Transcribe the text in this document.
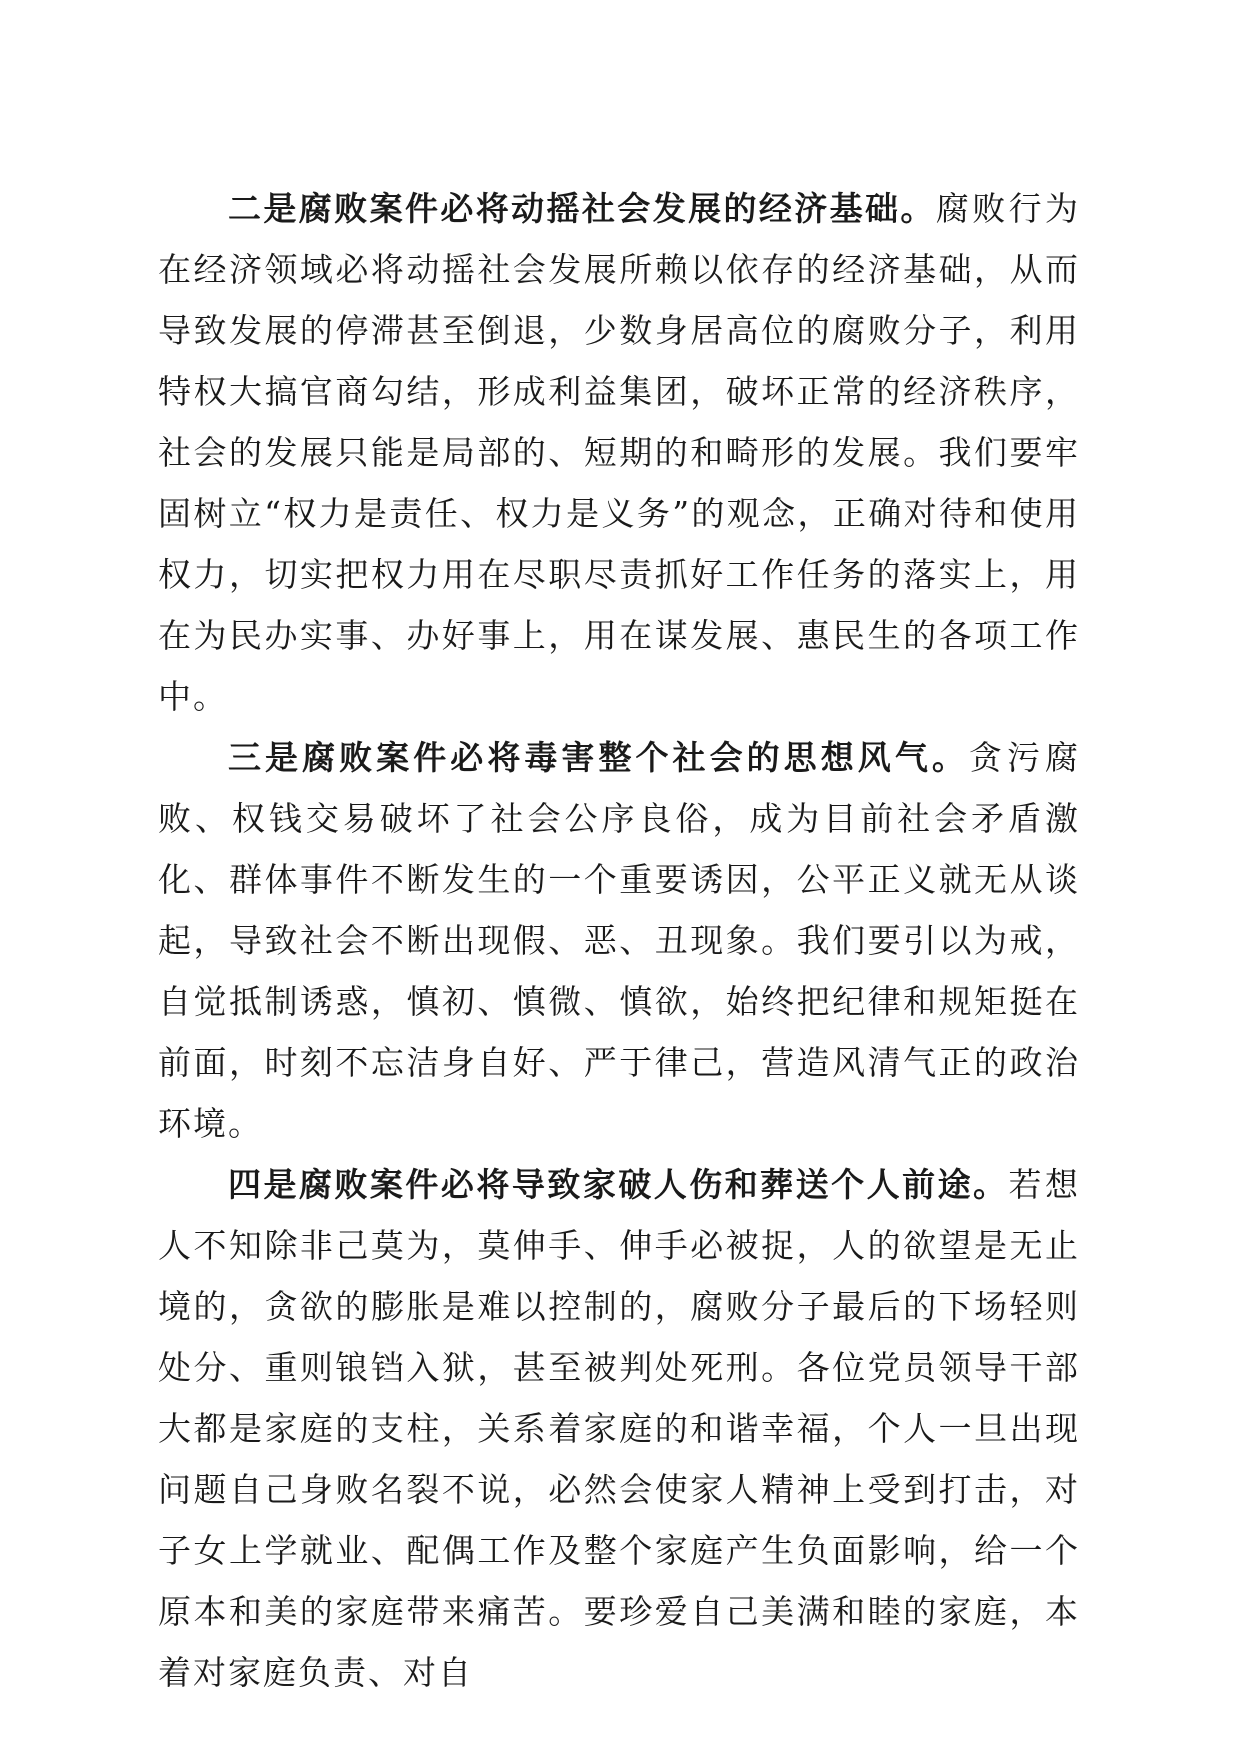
二是腐败案件必将动摇社会发展的经济基础。腐败行为在经济领域必将动摇社会发展所赖以依存的经济基础，从而导致发展的停滞甚至倒退，少数身居高位的腐败分子，利用特权大搞官商勾结，形成利益集团，破坏正常的经济秩序，社会的发展只能是局部的、短期的和畸形的发展。我们要牢固树立“权力是责任、权力是义务”的观念，正确对待和使用权力，切实把权力用在尽职尽责抓好工作任务的落实上，用在为民办实事、办好事上，用在谋发展、惠民生的各项工作中。

三是腐败案件必将毒害整个社会的思想风气。贪污腐败、权钱交易破坏了社会公序良俗，成为目前社会矛盾激化、群体事件不断发生的一个重要诱因，公平正义就无从谈起，导致社会不断出现假、恶、丑现象。我们要引以为戒，自觉抵制诱惑，慎初、慎微、慎欲，始终把纪律和规矩挺在前面，时刻不忘洁身自好、严于律己，营造风清气正的政治环境。

四是腐败案件必将导致家破人伤和葬送个人前途。若想人不知除非己莫为，莫伸手、伸手必被捉，人的欲望是无止境的，贪欲的膨胀是难以控制的，腐败分子最后的下场轻则处分、重则锒铛入狱，甚至被判处死刑。各位党员领导干部大都是家庭的支柱，关系着家庭的和谐幸福，个人一旦出现问题自己身败名裂不说，必然会使家人精神上受到打击，对子女上学就业、配偶工作及整个家庭产生负面影响，给一个原本和美的家庭带来痛苦。要珍爱自己美满和睦的家庭，本着对家庭负责、对自
